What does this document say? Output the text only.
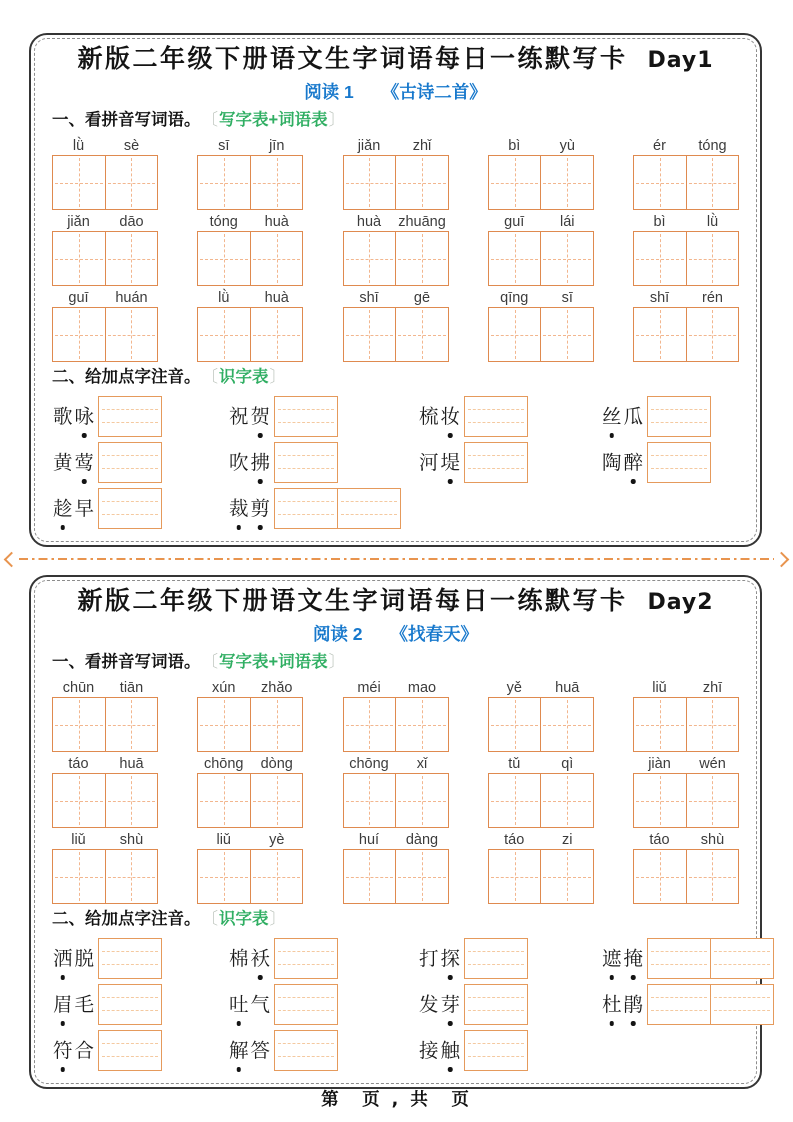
新版二年级下册语文生字词语每日一练默写卡 Day1
阅读 1 《古诗二首》
一、看拼音写词语。 〔 写字表+词语表 〕
lǜ	sè	sī	jīn	jiǎn	zhǐ	bì	yù	ér	tóng
jiǎn	dāo	tóng	huà	huà	zhuāng	guī	lái	bì	lǜ
guī	huán	lǜ	huà	shī	gē	qīng	sī	shī	rén
二、给加点字注音。 〔 识字表 〕
歌 咏	祝 贺	梳 妆	丝 瓜
黄 莺	吹 拂	河 堤	陶 醉
趁 早	裁 剪
新版二年级下册语文生字词语每日一练默写卡 Day2
阅读 2 《找春天》
一、看拼音写词语。 〔 写字表+词语表 〕
chūn	tiān	xún	zhǎo	méi	mao	yě	huā	liǔ	zhī
táo	huā	chōng	dòng	chōng	xǐ	tǔ	qì	jiàn	wén
liǔ	shù	liǔ	yè	huí	dàng	táo	zi	táo	shù
二、给加点字注音。 〔 识字表 〕
洒 脱	棉 袄	打 探	遮 掩
眉 毛	吐 气	发 芽	杜 鹃
符 合	解 答	接 触
第　页 , 共　页
